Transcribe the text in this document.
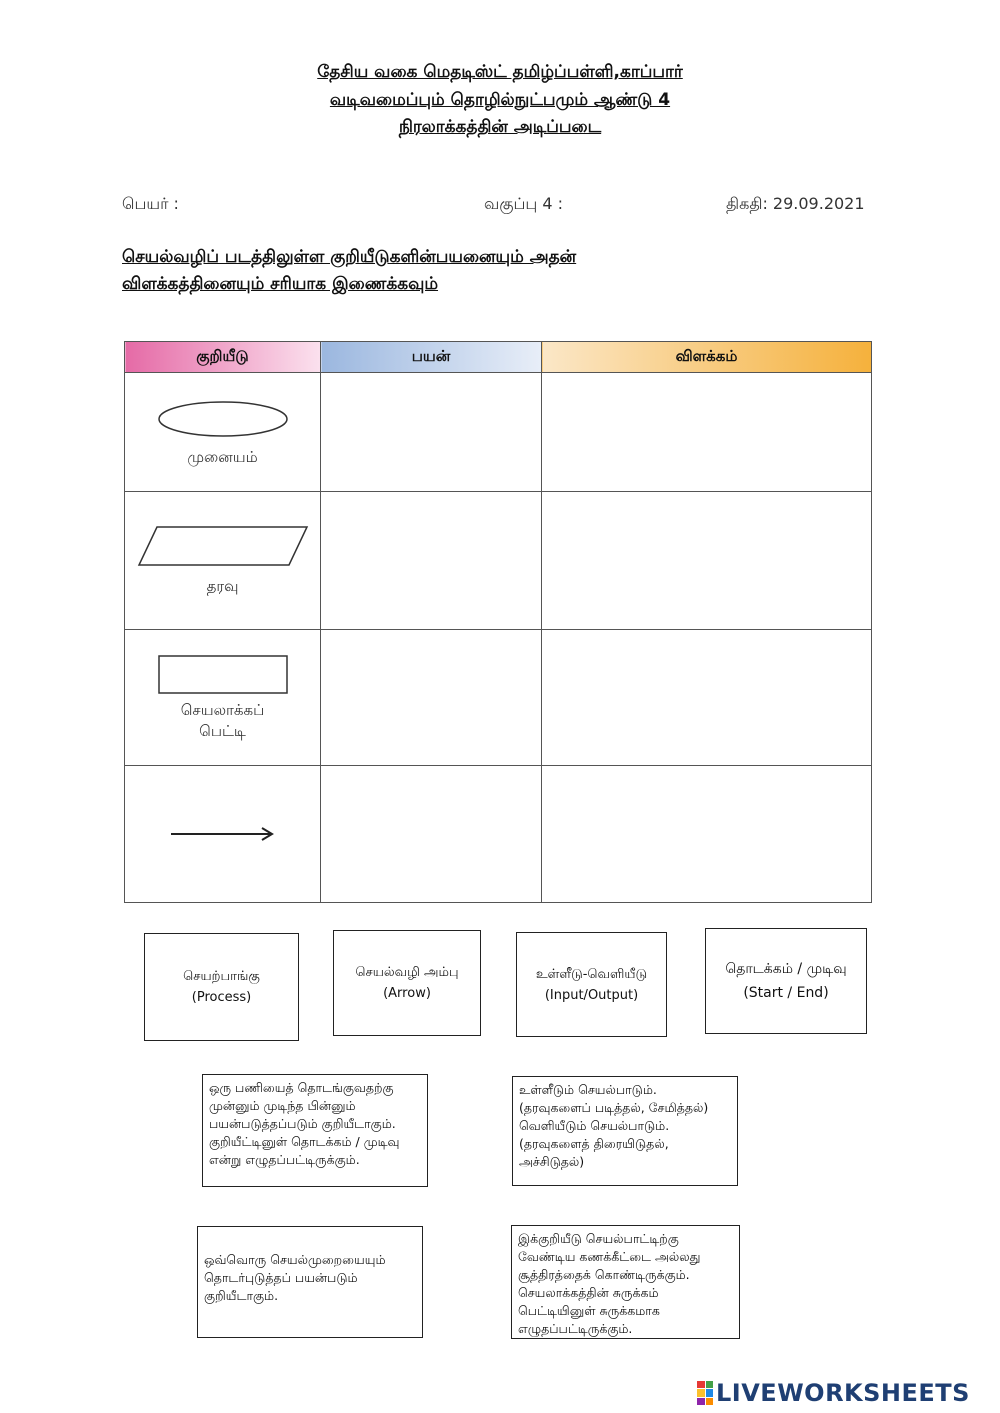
தேசிய வகை மெதடிஸ்ட் தமிழ்ப்பள்ளி,காப்பார்
வடிவமைப்பும் தொழில்நுட்பமும் ஆண்டு 4
நிரலாக்கத்தின் அடிப்படை
பெயர் :	வகுப்பு 4 :	திகதி: 29.09.2021
செயல்வழிப் படத்திலுள்ள குறியீடுகளின்பயனையும் அதன்
விளக்கத்தினையும் சரியாக இணைக்கவும்
குறியீடு	பயன்	விளக்கம்

முனையம்		

தரவு		

செயலாக்கப்
பெட்டி		

செயற்பாங்கு
(Process)
செயல்வழி அம்பு
(Arrow)
உள்ளீடு-வெளியீடு
(Input/Output)
தொடக்கம் / முடிவு
(Start / End)
ஒரு பணியைத் தொடங்குவதற்கு
முன்னும் முடிந்த பின்னும்
பயன்படுத்தப்படும் குறியீடாகும்.
குறியீட்டினுள் தொடக்கம் / முடிவு
என்று எழுதப்பட்டிருக்கும்.
உள்ளீடும் செயல்பாடும்.
(தரவுகளைப் படித்தல், சேமித்தல்)
வெளியீடும் செயல்பாடும்.
(தரவுகளைத் திரையிடுதல்,
அச்சிடுதல்)
ஒவ்வொரு செயல்முறையையும்
தொடர்புடுத்தப் பயன்படும்
குறியீடாகும்.
இக்குறியீடு செயல்பாட்டிற்கு
வேண்டிய கணக்கீட்டை அல்லது
சூத்திரத்தைக் கொண்டிருக்கும்.
செயலாக்கத்தின் சுருக்கம்
பெட்டியினுள் சுருக்கமாக
எழுதப்பட்டிருக்கும்.
LIVEWORKSHEETS
